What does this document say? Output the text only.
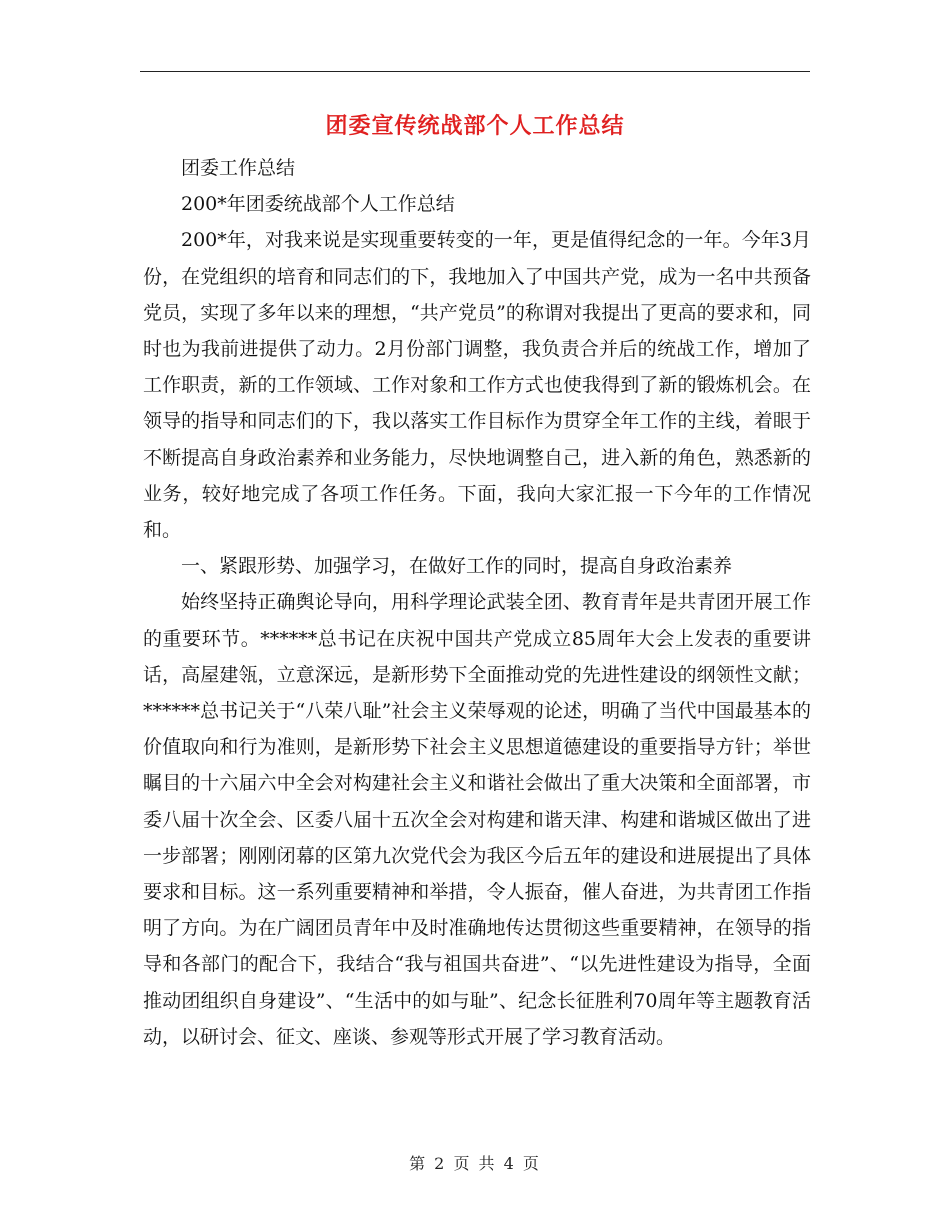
团委宣传统战部个人工作总结

团委工作总结

200*年团委统战部个人工作总结

200*年，对我来说是实现重要转变的一年，更是值得纪念的一年。今年3月份，在党组织的培育和同志们的下，我地加入了中国共产党，成为一名中共预备党员，实现了多年以来的理想，“共产党员”的称谓对我提出了更高的要求和，同时也为我前进提供了动力。2月份部门调整，我负责合并后的统战工作，增加了工作职责，新的工作领域、工作对象和工作方式也使我得到了新的锻炼机会。在领导的指导和同志们的下，我以落实工作目标作为贯穿全年工作的主线，着眼于不断提高自身政治素养和业务能力，尽快地调整自己，进入新的角色，熟悉新的业务，较好地完成了各项工作任务。下面，我向大家汇报一下今年的工作情况和。

一、紧跟形势、加强学习，在做好工作的同时，提高自身政治素养

始终坚持正确舆论导向，用科学理论武装全团、教育青年是共青团开展工作的重要环节。******总书记在庆祝中国共产党成立85周年大会上发表的重要讲话，高屋建瓴，立意深远，是新形势下全面推动党的先进性建设的纲领性文献；******总书记关于“八荣八耻”社会主义荣辱观的论述，明确了当代中国最基本的价值取向和行为准则，是新形势下社会主义思想道德建设的重要指导方针；举世瞩目的十六届六中全会对构建社会主义和谐社会做出了重大决策和全面部署，市委八届十次全会、区委八届十五次全会对构建和谐天津、构建和谐城区做出了进一步部署；刚刚闭幕的区第九次党代会为我区今后五年的建设和进展提出了具体要求和目标。这一系列重要精神和举措，令人振奋，催人奋进，为共青团工作指明了方向。为在广阔团员青年中及时准确地传达贯彻这些重要精神，在领导的指导和各部门的配合下，我结合“我与祖国共奋进”、“以先进性建设为指导，全面推动团组织自身建设”、“生活中的如与耻”、纪念长征胜利70周年等主题教育活动，以研讨会、征文、座谈、参观等形式开展了学习教育活动。

第 2 页 共 4 页
